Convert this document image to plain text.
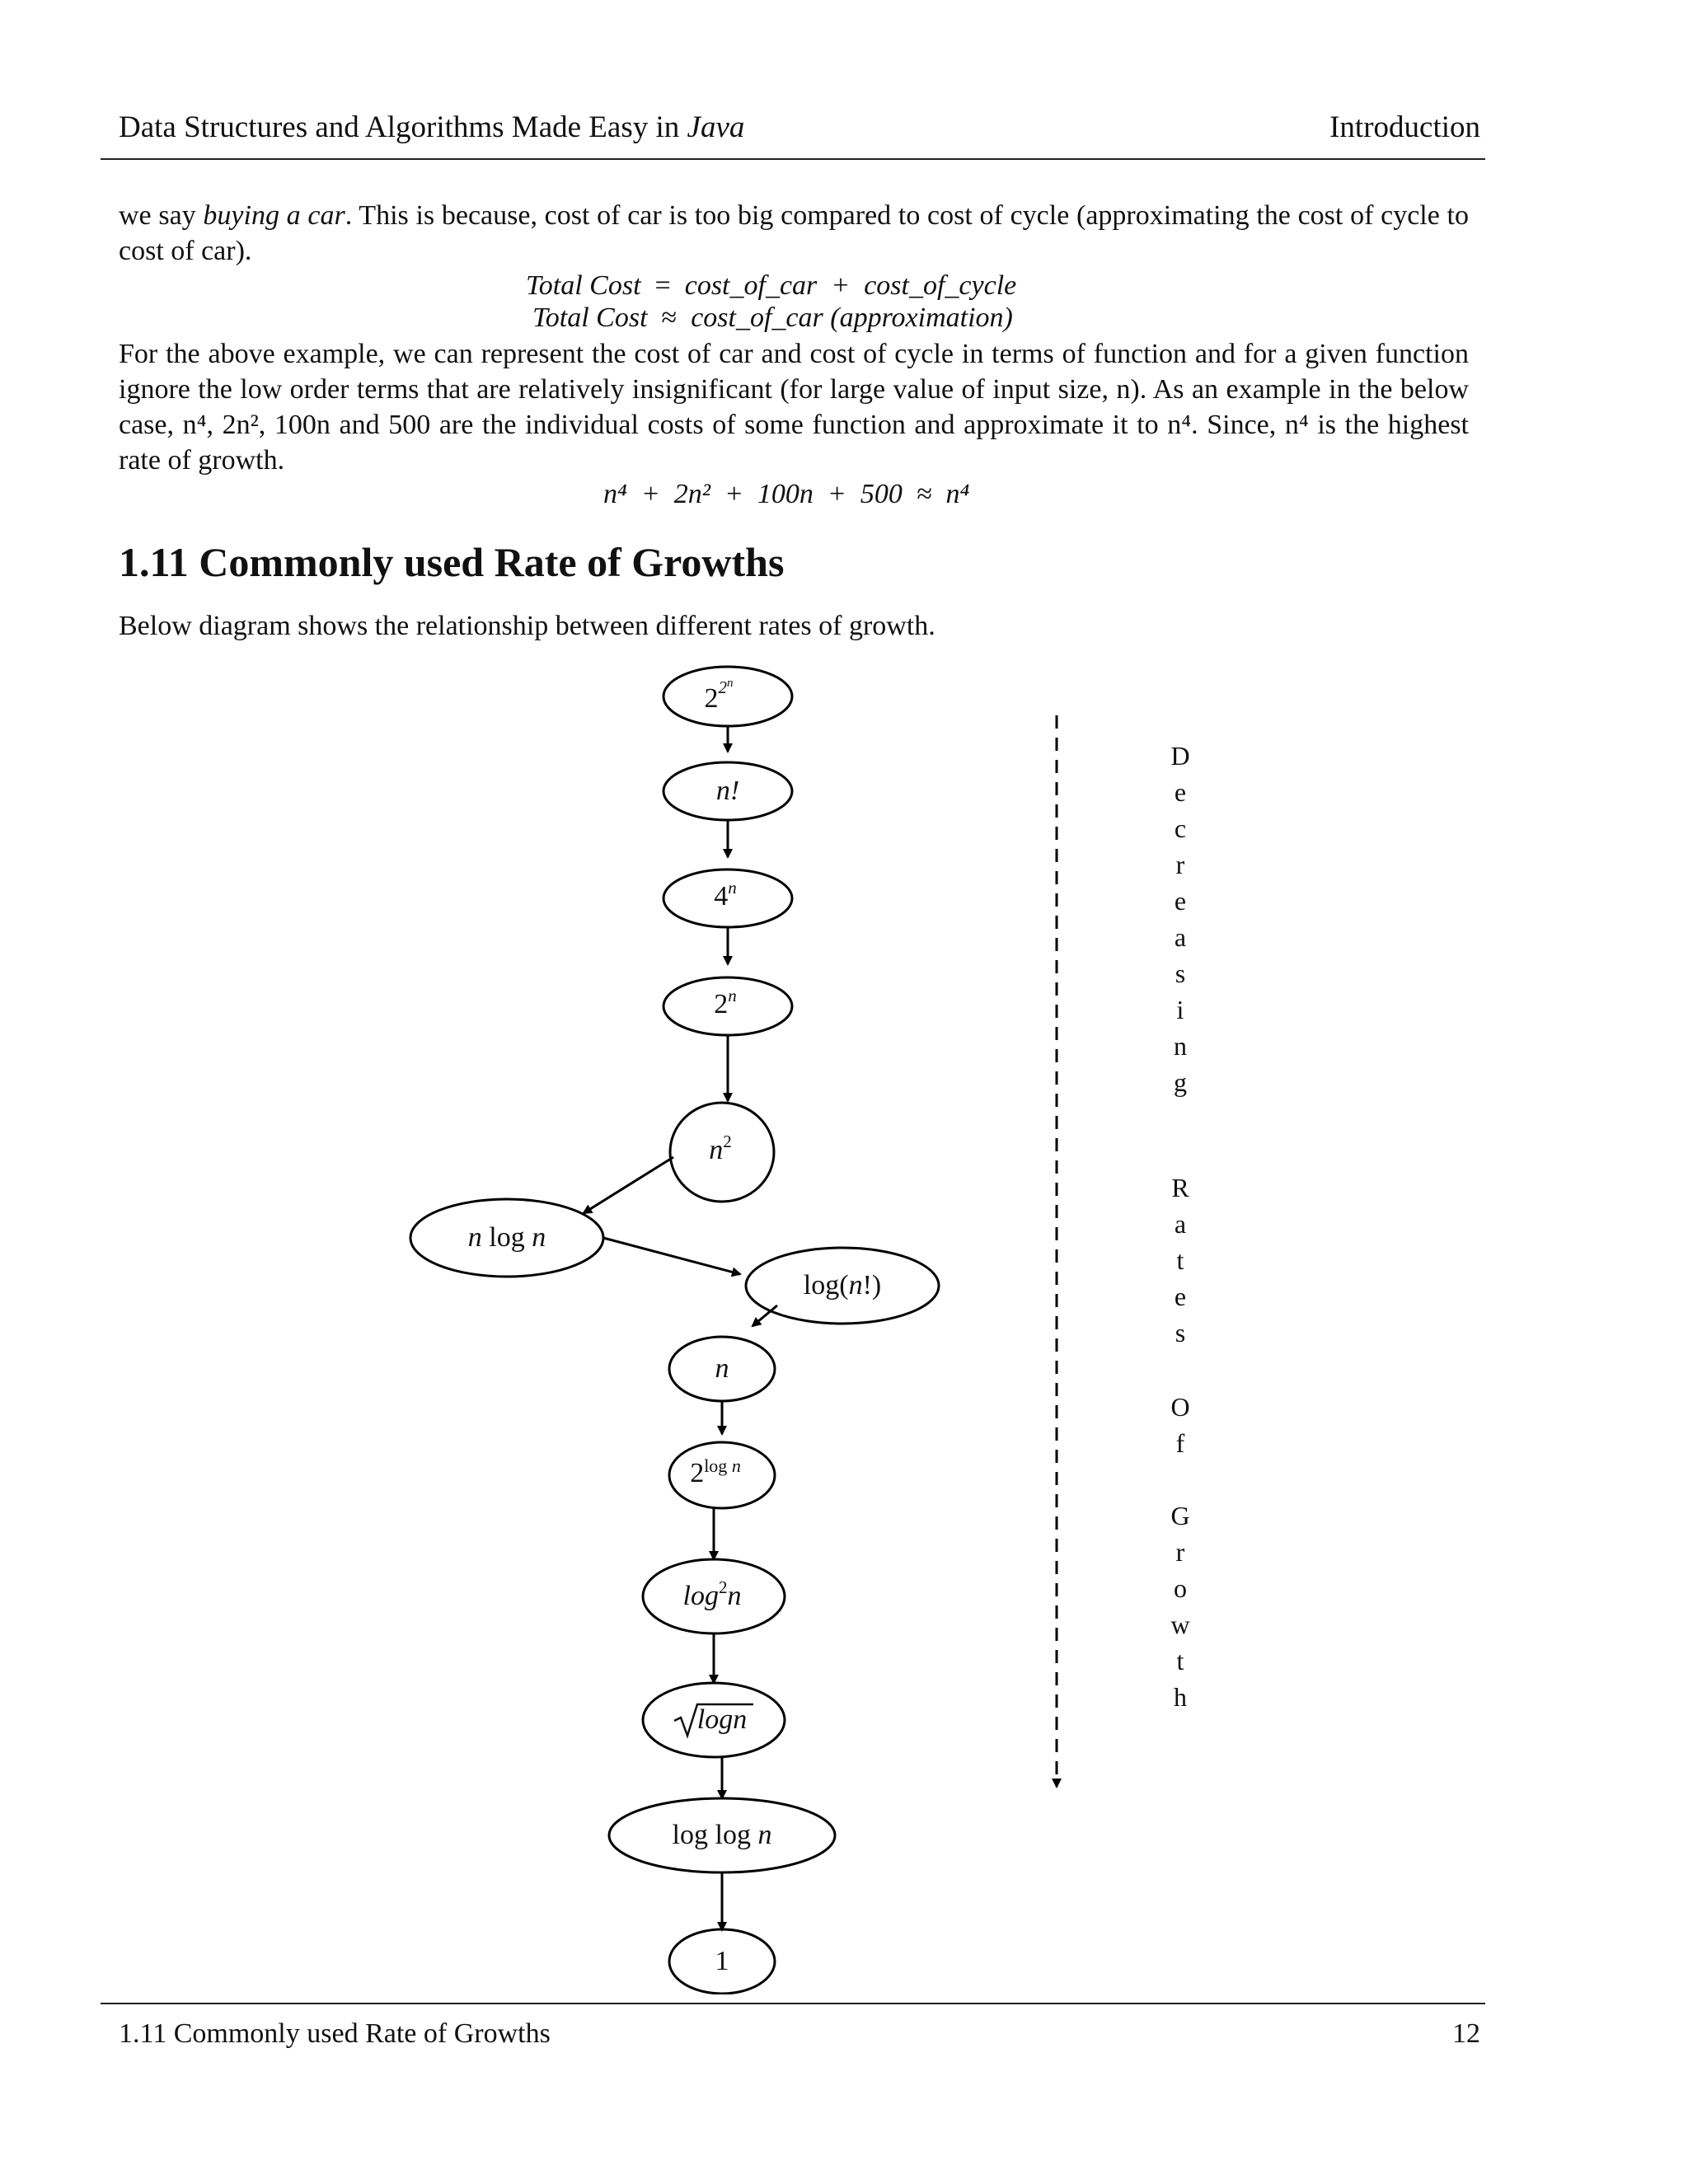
Data Structures and Algorithms Made Easy in Java	Introduction
we say buying a car. This is because, cost of car is too big compared to cost of cycle (approximating the cost of cycle to cost of car).
Total Cost = cost_of_car  +  cost_of_cycle
Total Cost ≈ cost_of_car (approximation)
For the above example, we can represent the cost of car and cost of cycle in terms of function and for a given function ignore the low order terms that are relatively insignificant (for large value of input size, n). As an example in the below case, n⁴, 2n², 100n and 500 are the individual costs of some function and approximate it to n⁴. Since, n⁴ is the highest rate of growth.
n⁴  +  2n²  +  100n  +  500  ≈  n⁴
1.11 Commonly used Rate of Growths
Below diagram shows the relationship between different rates of growth.
$2^{2n}$
n!
4$^n$
2$^n$
$n^2$
n log n
log(n!)
n
$2^{log}$ n
$\log^2n$
logn
log log n
1
D
e
c
r
e
a
s
i
n
g
R
a
t
e
s
O
f
G
r
o
w
t
h
1.11 Commonly used Rate of Growths	12
